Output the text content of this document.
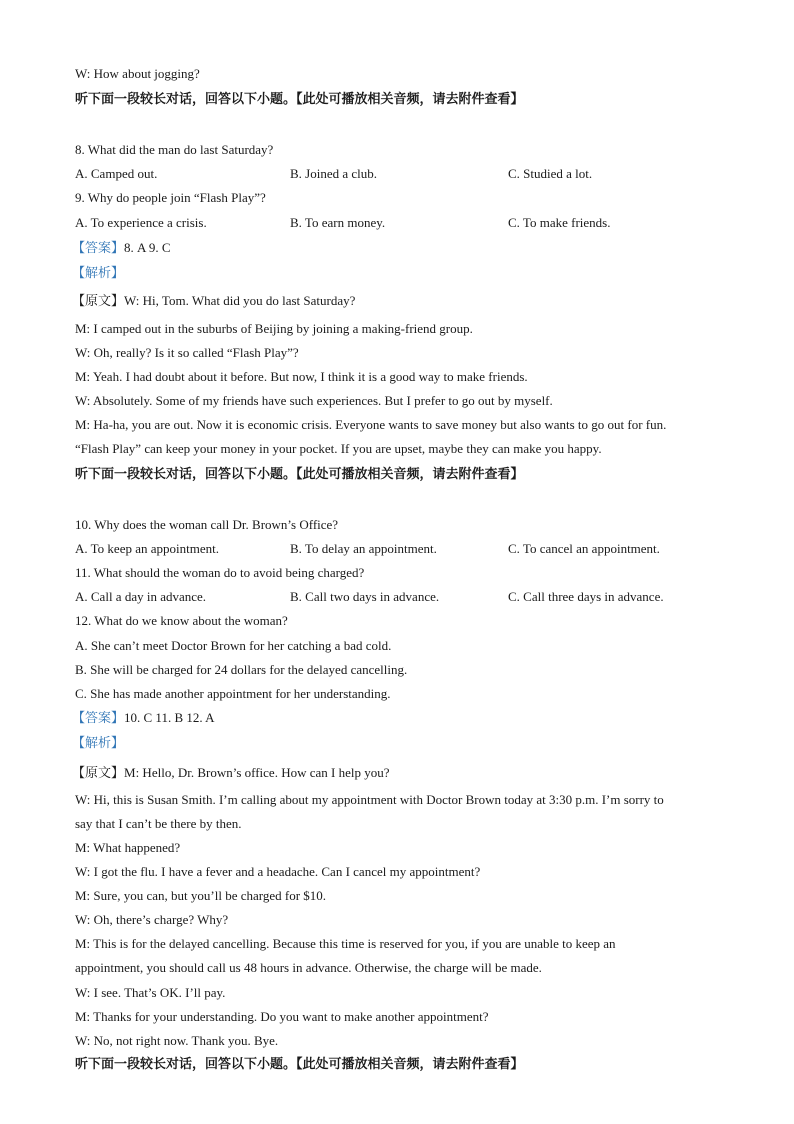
W: How about jogging?
听下面一段较长对话，回答以下小题。【此处可播放相关音频，请去附件查看】
8. What did the man do last Saturday?
A. Camped out.	B. Joined a club.	C. Studied a lot.
9. Why do people join “Flash Play”?
A. To experience a crisis.	B. To earn money.	C. To make friends.
【答案】8. A 9. C
【解析】
【原文】W: Hi, Tom. What did you do last Saturday?
M: I camped out in the suburbs of Beijing by joining a making-friend group.
W: Oh, really? Is it so called “Flash Play”?
M: Yeah. I had doubt about it before. But now, I think it is a good way to make friends.
W: Absolutely. Some of my friends have such experiences. But I prefer to go out by myself.
M: Ha-ha, you are out. Now it is economic crisis. Everyone wants to save money but also wants to go out for fun.
“Flash Play” can keep your money in your pocket. If you are upset, maybe they can make you happy.
听下面一段较长对话，回答以下小题。【此处可播放相关音频，请去附件查看】
10. Why does the woman call Dr. Brown’s Office?
A. To keep an appointment.	B. To delay an appointment.	C. To cancel an appointment.
11. What should the woman do to avoid being charged?
A. Call a day in advance.	B. Call two days in advance.	C. Call three days in advance.
12. What do we know about the woman?
A. She can’t meet Doctor Brown for her catching a bad cold.
B. She will be charged for 24 dollars for the delayed cancelling.
C. She has made another appointment for her understanding.
【答案】10. C 11. B 12. A
【解析】
【原文】M: Hello, Dr. Brown’s office. How can I help you?
W: Hi, this is Susan Smith. I’m calling about my appointment with Doctor Brown today at 3:30 p.m. I’m sorry to
say that I can’t be there by then.
M: What happened?
W: I got the flu. I have a fever and a headache. Can I cancel my appointment?
M: Sure, you can, but you’ll be charged for $10.
W: Oh, there’s charge? Why?
M: This is for the delayed cancelling. Because this time is reserved for you, if you are unable to keep an
appointment, you should call us 48 hours in advance. Otherwise, the charge will be made.
W: I see. That’s OK. I’ll pay.
M: Thanks for your understanding. Do you want to make another appointment?
W: No, not right now. Thank you. Bye.
听下面一段较长对话，回答以下小题。【此处可播放相关音频，请去附件查看】
